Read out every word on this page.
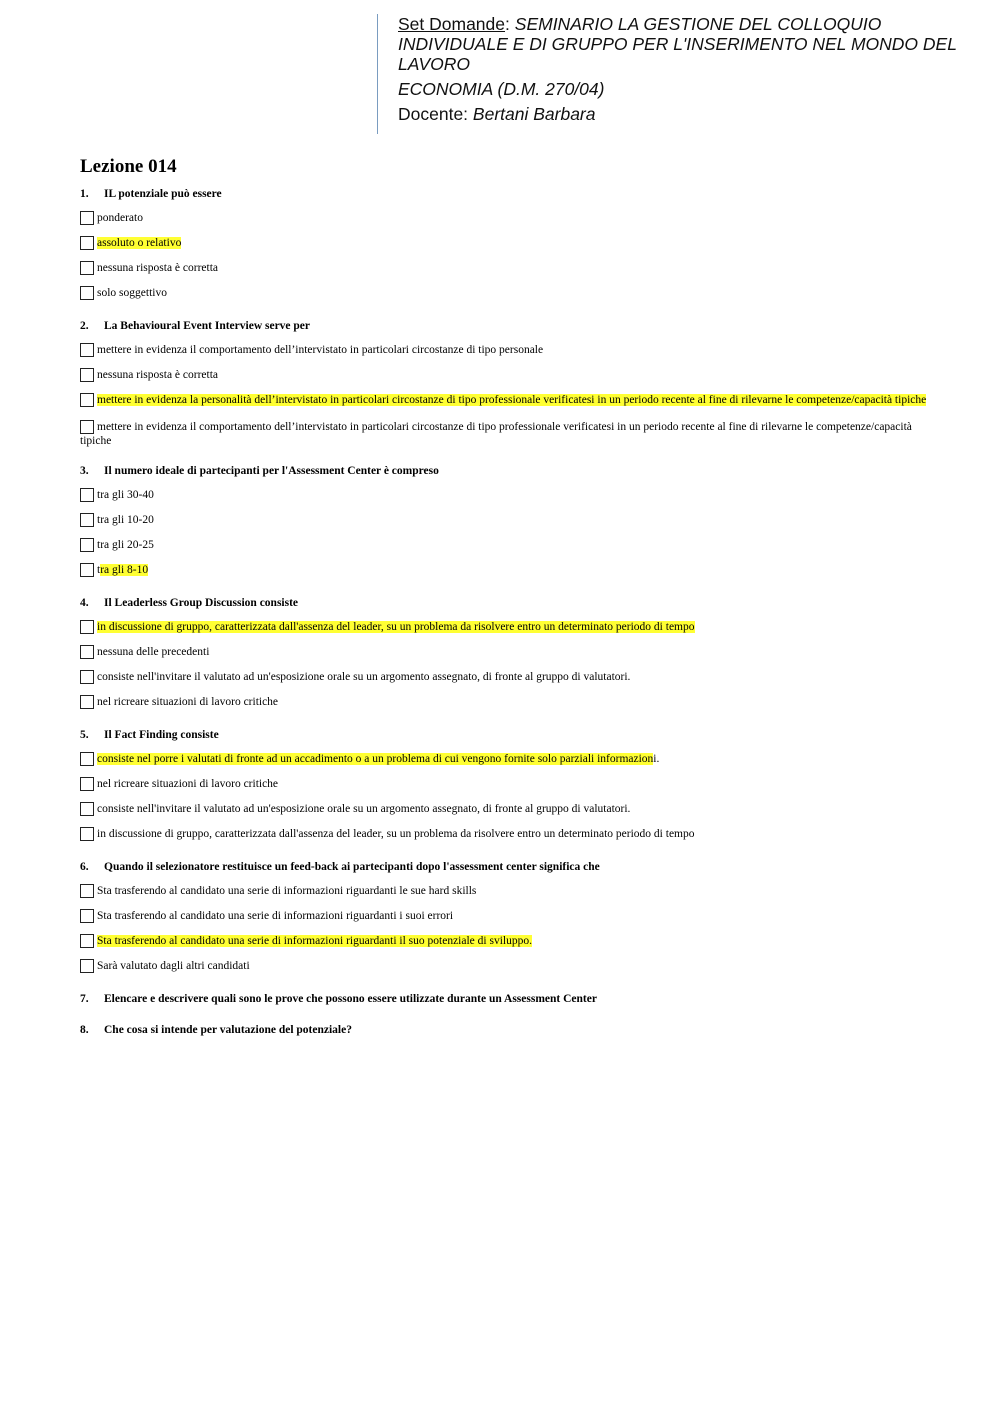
Set Domande: SEMINARIO LA GESTIONE DEL COLLOQUIO INDIVIDUALE E DI GRUPPO PER L'INSERIMENTO NEL MONDO DEL LAVORO

ECONOMIA (D.M. 270/04)

Docente: Bertani Barbara

Lezione 014

1. IL potenziale può essere

ponderato
assoluto o relativo
nessuna risposta è corretta
solo soggettivo

2. La Behavioural Event Interview serve per

mettere in evidenza il comportamento dell’intervistato in particolari circostanze di tipo personale
nessuna risposta è corretta
mettere in evidenza la personalità dell’intervistato in particolari circostanze di tipo professionale verificatesi in un periodo recente al fine di rilevarne le competenze/capacità tipiche
mettere in evidenza il comportamento dell’intervistato in particolari circostanze di tipo professionale verificatesi in un periodo recente al fine di rilevarne le competenze/capacità tipiche

3. Il numero ideale di partecipanti per l'Assessment Center è compreso

tra gli 30-40
tra gli 10-20
tra gli 20-25
tra gli 8-10

4. Il Leaderless Group Discussion consiste

in discussione di gruppo, caratterizzata dall'assenza del leader, su un problema da risolvere entro un determinato periodo di tempo
nessuna delle precedenti
consiste nell'invitare il valutato ad un'esposizione orale su un argomento assegnato, di fronte al gruppo di valutatori.
nel ricreare situazioni di lavoro critiche

5. Il Fact Finding consiste

consiste nel porre i valutati di fronte ad un accadimento o a un problema di cui vengono fornite solo parziali informazioni.
nel ricreare situazioni di lavoro critiche
consiste nell'invitare il valutato ad un'esposizione orale su un argomento assegnato, di fronte al gruppo di valutatori.
in discussione di gruppo, caratterizzata dall'assenza del leader, su un problema da risolvere entro un determinato periodo di tempo

6. Quando il selezionatore restituisce un feed-back ai partecipanti dopo l'assessment center significa che

Sta trasferendo al candidato una serie di informazioni riguardanti le sue hard skills
Sta trasferendo al candidato una serie di informazioni riguardanti i suoi errori
Sta trasferendo al candidato una serie di informazioni riguardanti il suo potenziale di sviluppo.
Sarà valutato dagli altri candidati

7. Elencare e descrivere quali sono le prove che possono essere utilizzate durante un Assessment Center

8. Che cosa si intende per valutazione del potenziale?
